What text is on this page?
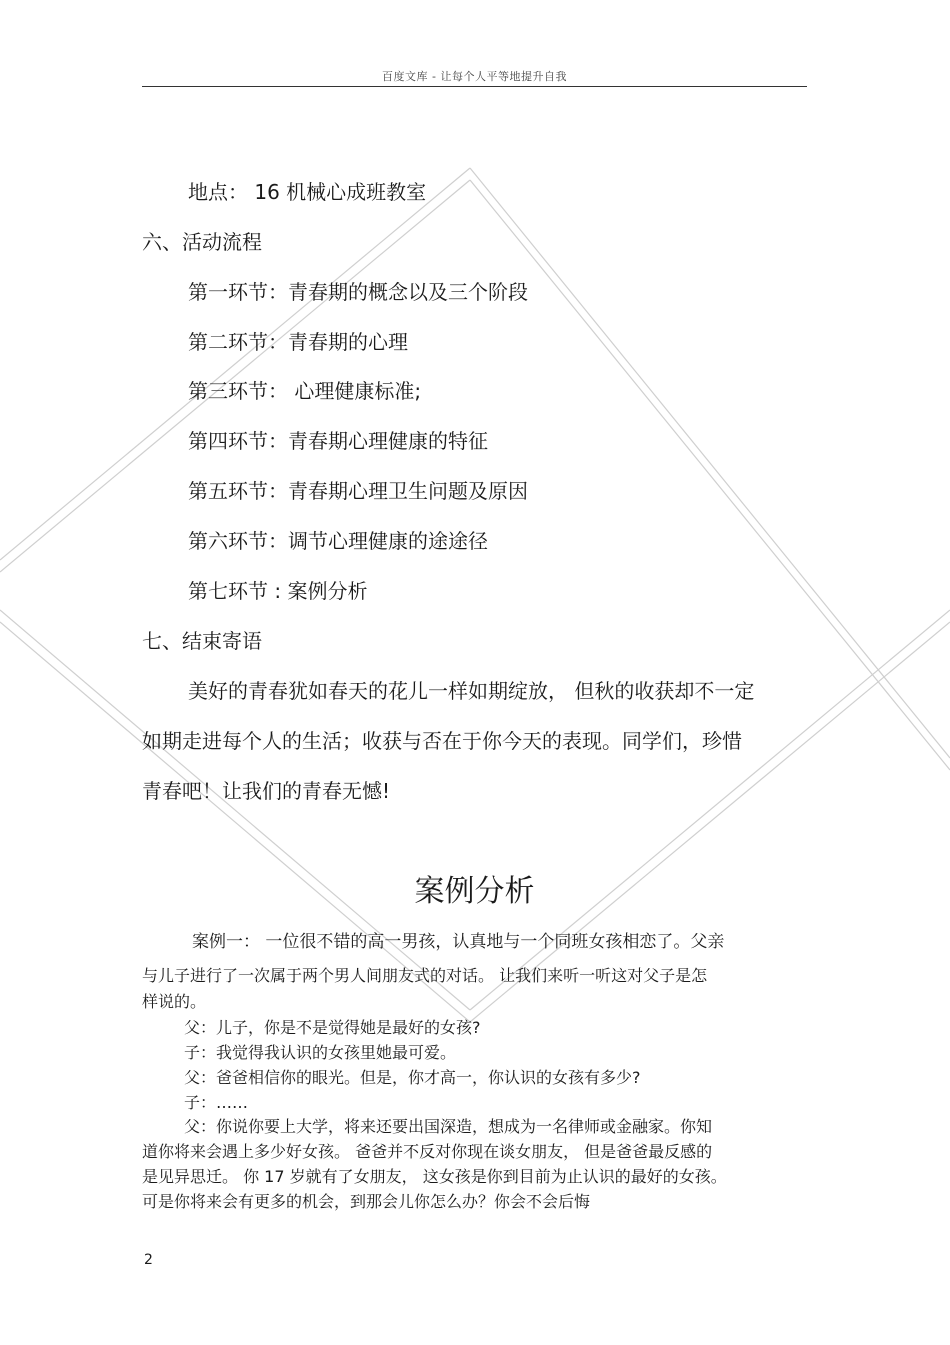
百度文库 - 让每个人平等地提升自我
地点： 16 机械心成班教室
六、活动流程
第一环节：青春期的概念以及三个阶段
第二环节：青春期的心理
第三环节： 心理健康标准;
第四环节：青春期心理健康的特征
第五环节：青春期心理卫生问题及原因
第六环节：调节心理健康的途途径
第七环节 : 案例分析
七、结束寄语
美好的青春犹如春天的花儿一样如期绽放， 但秋的收获却不一定
如期走进每个人的生活；收获与否在于你今天的表现。同学们，珍惜
青春吧！让我们的青春无憾!
案例分析
案例一： 一位很不错的高一男孩，认真地与一个同班女孩相恋了。父亲
与儿子进行了一次属于两个男人间朋友式的对话。 让我们来听一听这对父子是怎
样说的。
父：儿子，你是不是觉得她是最好的女孩?
子：我觉得我认识的女孩里她最可爱。
父：爸爸相信你的眼光。但是，你才高一，你认识的女孩有多少?
子：……
父：你说你要上大学，将来还要出国深造，想成为一名律师或金融家。你知
道你将来会遇上多少好女孩。 爸爸并不反对你现在谈女朋友， 但是爸爸最反感的
是见异思迁。 你 17 岁就有了女朋友， 这女孩是你到目前为止认识的最好的女孩。
可是你将来会有更多的机会，到那会儿你怎么办？你会不会后悔
2
